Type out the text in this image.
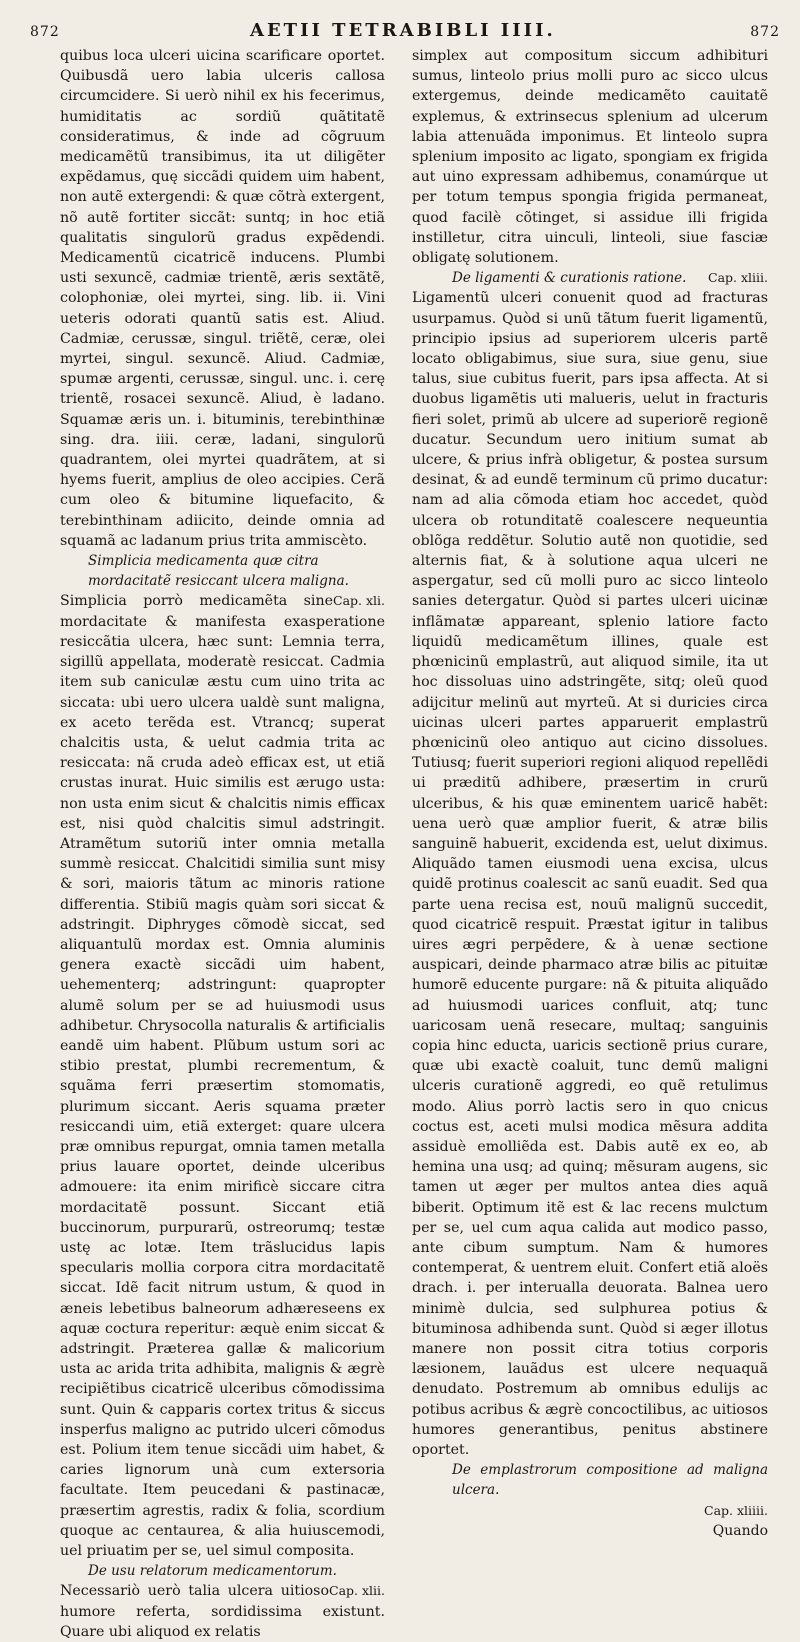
872	AETII TETRABIBLI IIII.	872

quibus loca ulceri uicina scarificare oportet. Quibusdã uero labia ulceris callosa circumcidere. Si uerò nihil ex his fecerimus, humiditatis ac sordiũ quãtitatẽ consideratimus, & inde ad cõgruum medicamẽtũ transibimus, ita ut diligẽter expẽdamus, quę siccãdi quidem uim habent, non autẽ extergendi: & quæ cõtrà extergent, nõ autẽ fortiter siccãt: suntq; in hoc etiã qualitatis singulorũ gradus expẽdendi. Medicamentũ cicatricẽ inducens. Plumbi usti sexuncẽ, cadmiæ trientẽ, æris sextãtẽ, colophoniæ, olei myrtei, sing. lib. ii. Vini ueteris odorati quantũ satis est. Aliud. Cadmiæ, cerussæ, singul. triẽtẽ, ceræ, olei myrtei, singul. sexuncẽ. Aliud. Cadmiæ, spumæ argenti, cerussæ, singul. unc. i. cerę trientẽ, rosacei sexuncẽ. Aliud, è ladano. Squamæ æris un. i. bituminis, terebinthinæ sing. dra. iiii. ceræ, ladani, singulorũ quadrantem, olei myrtei quadrãtem, at si hyems fuerit, amplius de oleo accipies. Cerã cum oleo & bitumine liquefacito, & terebinthinam adiicito, deinde omnia ad squamã ac ladanum prius trita ammiscèto.

Simplicia medicamenta quæ citra mordacitatẽ resiccant ulcera maligna.
Cap. xli.

Simplicia porrò medicamẽta sine mordacitate & manifesta exasperatione resiccãtia ulcera, hæc sunt: Lemnia terra, sigillũ appellata, moderatè resiccat. Cadmia item sub caniculæ æstu cum uino trita ac siccata: ubi uero ulcera ualdè sunt maligna, ex aceto terẽda est. Vtrancq; superat chalcitis usta, & uelut cadmia trita ac resiccata: nã cruda adeò efficax est, ut etiã crustas inurat. Huic similis est ærugo usta: non usta enim sicut & chalcitis nimis efficax est, nisi quòd chalcitis simul adstringit. Atramẽtum sutoriũ inter omnia metalla summè resiccat. Chalcitidi similia sunt misy & sori, maioris tãtum ac minoris ratione differentia. Stibiũ magis quàm sori siccat & adstringit. Diphryges cõmodè siccat, sed aliquantulũ mordax est. Omnia aluminis genera exactè siccãdi uim habent, uehementerq; adstringunt: quapropter alumẽ solum per se ad huiusmodi usus adhibetur. Chrysocolla naturalis & artificialis eandẽ uim habent. Plũbum ustum sori ac stibio prestat, plumbi recrementum, & squãma ferri præsertim stomomatis, plurimum siccant. Aeris squama præter resiccandi uim, etiã exterget: quare ulcera præ omnibus repurgat, omnia tamen metalla prius lauare oportet, deinde ulceribus admouere: ita enim mirificè siccare citra mordacitatẽ possunt. Siccant etiã buccinorum, purpurarũ, ostreorumq; testæ ustę ac lotæ. Item trãslucidus lapis specularis mollia corpora citra mordacitatẽ siccat. Idẽ facit nitrum ustum, & quod in æneis lebetibus balneorum adhæreseens ex aquæ coctura reperitur: æquè enim siccat & adstringit. Præterea gallæ & malicorium usta ac arida trita adhibita, malignis & ægrè recipiẽtibus cicatricẽ ulceribus cõmodissima sunt. Quin & capparis cortex tritus & siccus insperfus maligno ac putrido ulceri cõmodus est. Polium item tenue siccãdi uim habet, & caries lignorum unà cum extersoria facultate. Item peucedani & pastinacæ, præsertim agrestis, radix & folia, scordium quoque ac centaurea, & alia huiuscemodi, uel priuatim per se, uel simul composita.

De usu relatorum medicamentorum.
Cap. xlii.

Necessariò uerò talia ulcera uitioso humore referta, sordidissima existunt. Quare ubi aliquod ex relatis

simplex aut compositum siccum adhibituri sumus, linteolo prius molli puro ac sicco ulcus extergemus, deinde medicamẽto cauitatẽ explemus, & extrinsecus splenium ad ulcerum labia attenuãda imponimus. Et linteolo supra splenium imposito ac ligato, spongiam ex frigida aut uino expressam adhibemus, conamúrque ut per totum tempus spongia frigida permaneat, quod facilè cõtinget, si assidue illi frigida instilletur, citra uinculi, linteoli, siue fasciæ obligatę solutionem.

De ligamenti & curationis ratione. Cap. xliii.

Ligamentũ ulceri conuenit quod ad fracturas usurpamus. Quòd si unũ tãtum fuerit ligamentũ, principio ipsius ad superiorem ulceris partẽ locato obligabimus, siue sura, siue genu, siue talus, siue cubitus fuerit, pars ipsa affecta. At si duobus ligamẽtis uti malueris, uelut in fracturis fieri solet, primũ ab ulcere ad superiorẽ regionẽ ducatur. Secundum uero initium sumat ab ulcere, & prius infrà obligetur, & postea sursum desinat, & ad eundẽ terminum cũ primo ducatur: nam ad alia cõmoda etiam hoc accedet, quòd ulcera ob rotunditatẽ coalescere nequeuntia oblõga reddẽtur. Solutio autẽ non quotidie, sed alternis fiat, & à solutione aqua ulceri ne aspergatur, sed cũ molli puro ac sicco linteolo sanies detergatur. Quòd si partes ulceri uicinæ inflãmatæ appareant, splenio latiore facto liquidũ medicamẽtum illines, quale est phœnicinũ emplastrũ, aut aliquod simile, ita ut hoc dissoluas uino adstringẽte, sitq; oleũ quod adijcitur melinũ aut myrteũ. At si duricies circa uicinas ulceri partes apparuerit emplastrũ phœnicinũ oleo antiquo aut cicino dissolues. Tutiusq; fuerit superiori regioni aliquod repellẽdi ui præditũ adhibere, præsertim in crurũ ulceribus, & his quæ eminentem uaricẽ habẽt: uena uerò quæ amplior fuerit, & atræ bilis sanguinẽ habuerit, excidenda est, uelut diximus. Aliquãdo tamen eiusmodi uena excisa, ulcus quidẽ protinus coalescit ac sanũ euadit. Sed qua parte uena recisa est, nouũ malignũ succedit, quod cicatricẽ respuit. Præstat igitur in talibus uires ægri perpẽdere, & à uenæ sectione auspicari, deinde pharmaco atræ bilis ac pituitæ humorẽ educente purgare: nã & pituita aliquãdo ad huiusmodi uarices confluit, atq; tunc uaricosam uenã resecare, multaq; sanguinis copia hinc educta, uaricis sectionẽ prius curare, quæ ubi exactè coaluit, tunc demũ maligni ulceris curationẽ aggredi, eo quẽ retulimus modo. Alius porrò lactis sero in quo cnicus coctus est, aceti mulsi modica mẽsura addita assiduè emolliẽda est. Dabis autẽ ex eo, ab hemina una usq; ad quinq; mẽsuram augens, sic tamen ut æger per multos antea dies aquã biberit. Optimum itẽ est & lac recens mulctum per se, uel cum aqua calida aut modico passo, ante cibum sumptum. Nam & humores contemperat, & uentrem eluit. Confert etiã aloës drach. i. per interualla deuorata. Balnea uero minimè dulcia, sed sulphurea potius & bituminosa adhibenda sunt. Quòd si æger illotus manere non possit citra totius corporis læsionem, lauãdus est ulcere nequaquã denudato. Postremum ab omnibus edulijs ac potibus acribus & ægrè concoctilibus, ac uitiosos humores generantibus, penitus abstinere oportet.

De emplastrorum compositione ad maligna ulcera.

Cap. xliiii.

Quando
